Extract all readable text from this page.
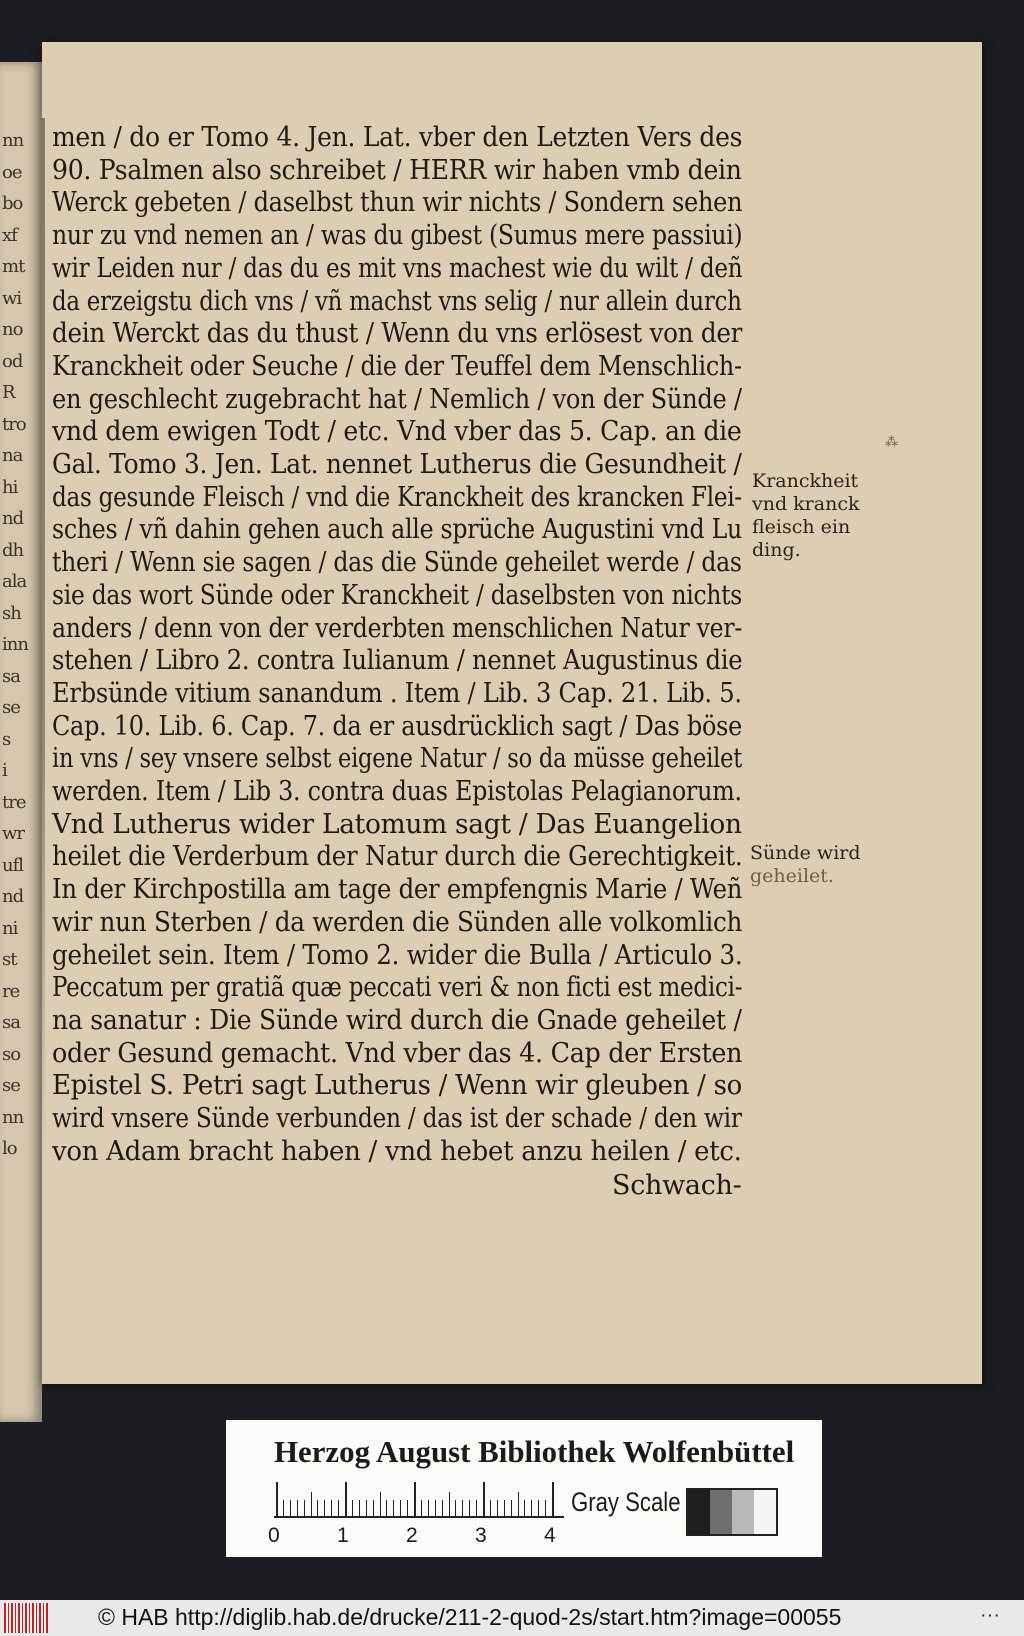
nn
oe
bo
xf
mt
wi
no
od
R
tro
na
hi
nd
dh
ala
sh
inn
sa
se
s
i
tre
wr
ufl
nd
ni
st
re
sa
so
se
nn
lo
men / do er Tomo 4. Jen. Lat. vber den Letzten Vers des
90. Psalmen also schreibet / HERR wir haben vmb dein
Werck gebeten / daselbst thun wir nichts / Sondern sehen
nur zu vnd nemen an / was du gibest (Sumus mere passiui)
wir Leiden nur / das du es mit vns machest wie du wilt / deñ
da erzeigstu dich vns / vñ machst vns selig / nur allein durch
dein Werckt das du thust / Wenn du vns erlösest von der
Kranckheit oder Seuche / die der Teuffel dem Menschlich-
en geschlecht zugebracht hat / Nemlich / von der Sünde /
vnd dem ewigen Todt / etc. Vnd vber das 5. Cap. an die
Gal. Tomo 3. Jen. Lat. nennet Lutherus die Gesundheit /
das gesunde Fleisch / vnd die Kranckheit des krancken Flei-
sches / vñ dahin gehen auch alle sprüche Augustini vnd Lu
theri / Wenn sie sagen / das die Sünde geheilet werde / das
sie das wort Sünde oder Kranckheit / daselbsten von nichts
anders / denn von der verderbten menschlichen Natur ver-
stehen / Libro 2. contra Iulianum / nennet Augustinus die
Erbsünde vitium sanandum . Item / Lib. 3 Cap. 21. Lib. 5.
Cap. 10. Lib. 6. Cap. 7. da er ausdrücklich sagt / Das böse
in vns / sey vnsere selbst eigene Natur / so da müsse geheilet
werden. Item / Lib 3. contra duas Epistolas Pelagianorum.
Vnd Lutherus wider Latomum sagt / Das Euangelion
heilet die Verderbum der Natur durch die Gerechtigkeit.
In der Kirchpostilla am tage der empfengnis Marie / Weñ
wir nun Sterben / da werden die Sünden alle volkomlich
geheilet sein. Item / Tomo 2. wider die Bulla / Articulo 3.
Peccatum per gratiã quæ peccati veri & non ficti est medici-
na sanatur : Die Sünde wird durch die Gnade geheilet /
oder Gesund gemacht. Vnd vber das 4. Cap der Ersten
Epistel S. Petri sagt Lutherus / Wenn wir gleuben / so
wird vnsere Sünde verbunden / das ist der schade / den wir
von Adam bracht haben / vnd hebet anzu heilen / etc.
Schwach-
Kranckheit
vnd kranck
fleisch ein
ding.
Sünde wird
geheilet.
⁂
Herzog August Bibliothek Wolfenbüttel
0	1	2	3	4
Gray Scale
© HAB http://diglib.hab.de/drucke/211-2-quod-2s/start.htm?image=00055	···
